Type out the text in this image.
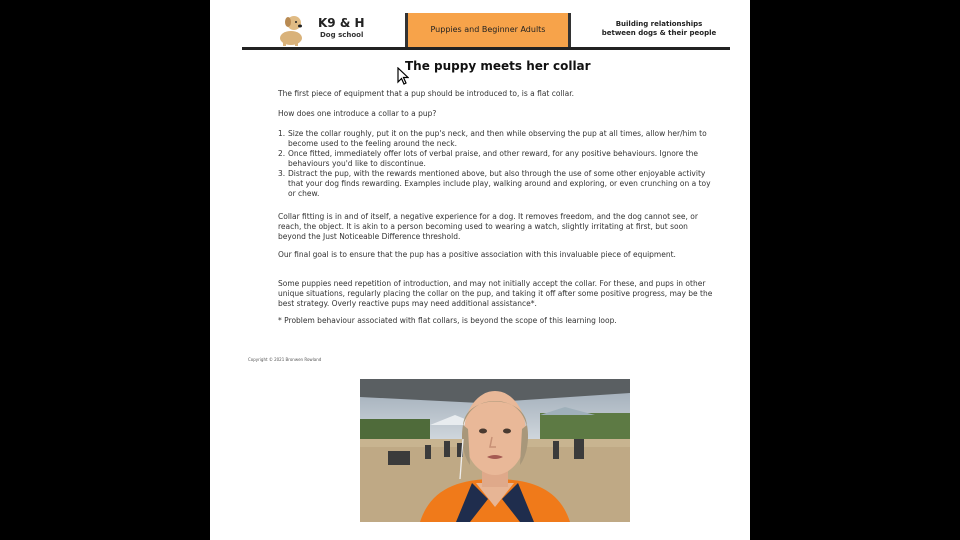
K9 & H
Dog school
Puppies and Beginner Adults
Building relationships
between dogs & their people
The puppy meets her collar
The first piece of equipment that a pup should be introduced to, is a flat collar.
How does one introduce a collar to a pup?
1. Size the collar roughly, put it on the pup's neck, and then while observing the pup at all times, allow her/him to become used to the feeling around the neck.
2. Once fitted, immediately offer lots of verbal praise, and other reward, for any positive behaviours. Ignore the behaviours you'd like to discontinue.
3. Distract the pup, with the rewards mentioned above, but also through the use of some other enjoyable activity that your dog finds rewarding. Examples include play, walking around and exploring, or even crunching on a toy or chew.
Collar fitting is in and of itself, a negative experience for a dog. It removes freedom, and the dog cannot see, or reach, the object. It is akin to a person becoming used to wearing a watch, slightly irritating at first, but soon beyond the Just Noticeable Difference threshold.
Our final goal is to ensure that the pup has a positive association with this invaluable piece of equipment.
Some puppies need repetition of introduction, and may not initially accept the collar. For these, and pups in other unique situations, regularly placing the collar on the pup, and taking it off after some positive progress, may be the best strategy. Overly reactive pups may need additional assistance*.
* Problem behaviour associated with flat collars, is beyond the scope of this learning loop.
Copyright © 2021 Bronwen Rowland
